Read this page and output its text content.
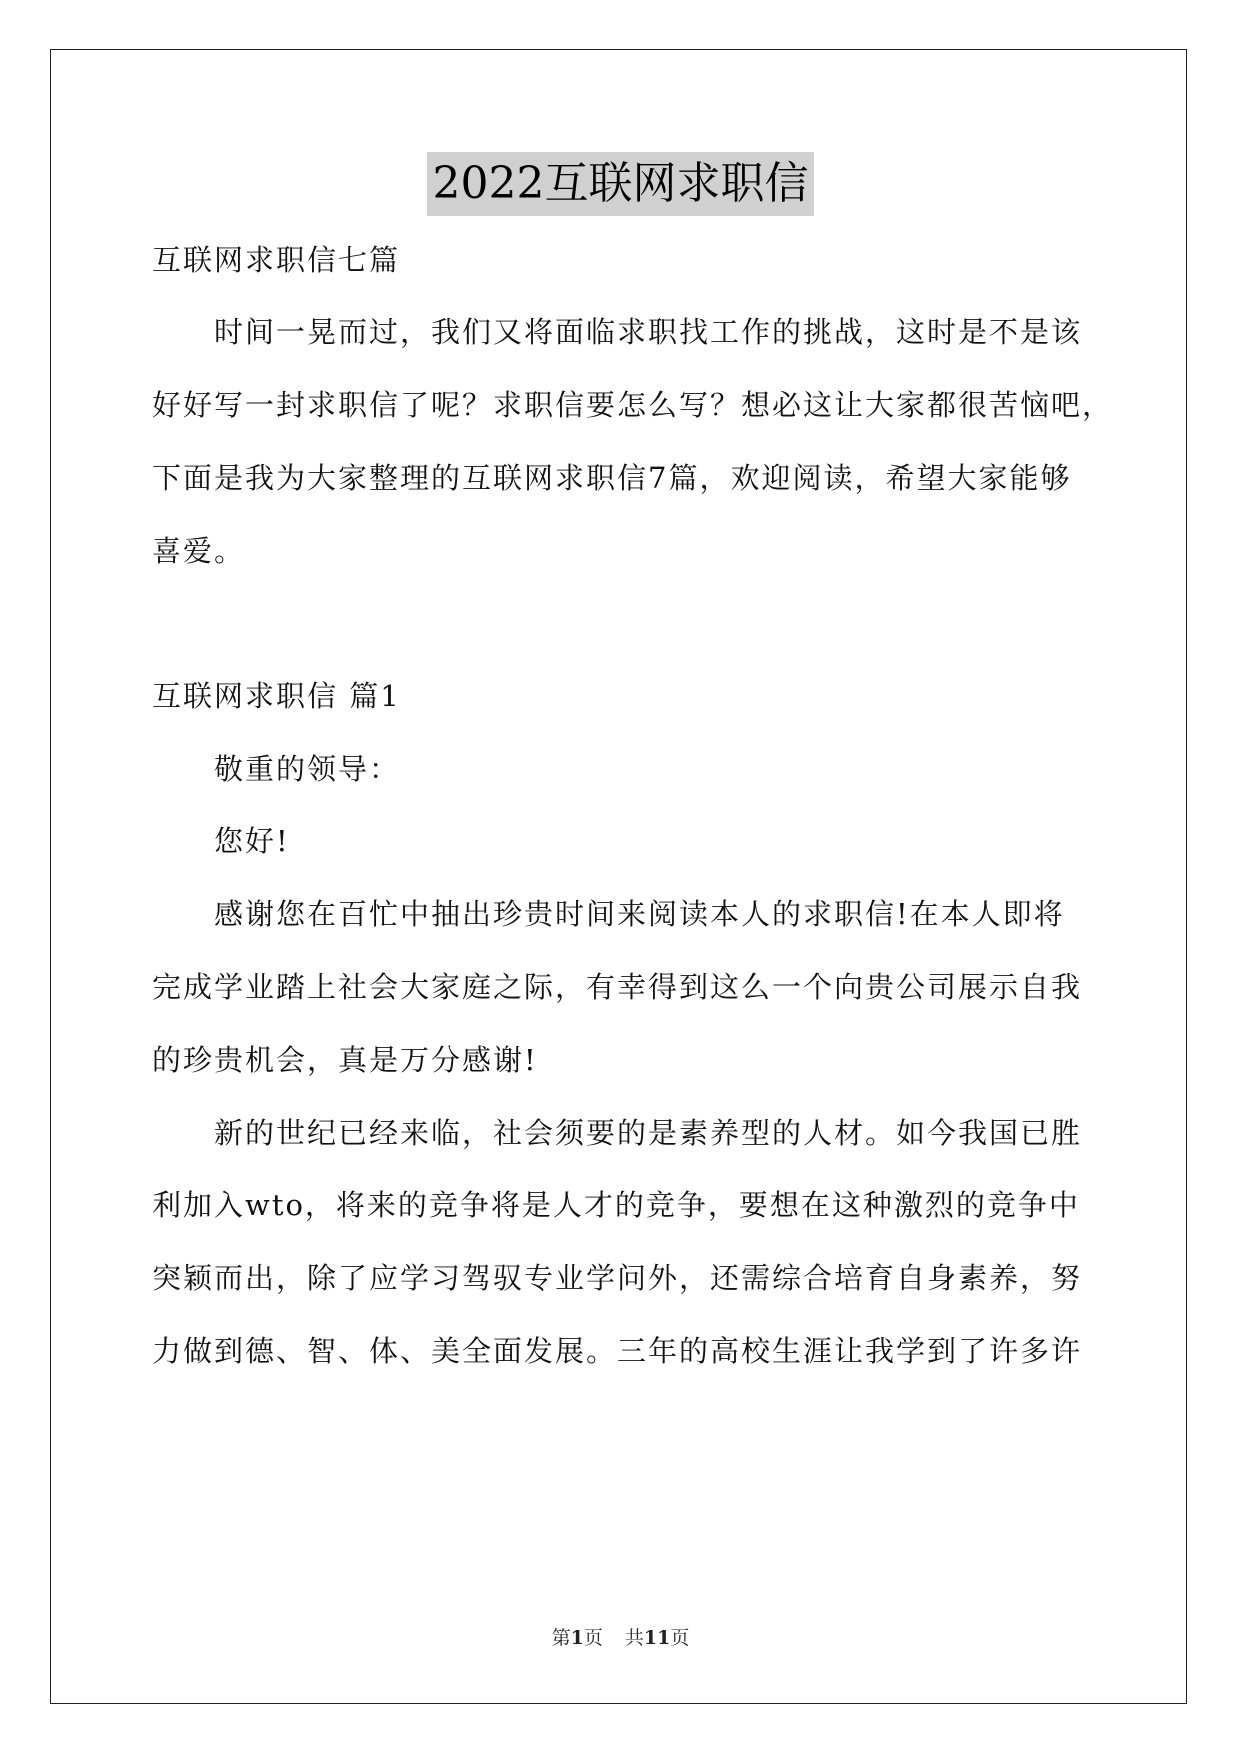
2022互联网求职信
互联网求职信七篇
时间一晃而过，我们又将面临求职找工作的挑战，这时是不是该
好好写一封求职信了呢？求职信要怎么写？想必这让大家都很苦恼吧，
下面是我为大家整理的互联网求职信7篇，欢迎阅读，希望大家能够
喜爱。
互联网求职信 篇1
敬重的领导：
您好!
感谢您在百忙中抽出珍贵时间来阅读本人的求职信!在本人即将
完成学业踏上社会大家庭之际，有幸得到这么一个向贵公司展示自我
的珍贵机会，真是万分感谢!
新的世纪已经来临，社会须要的是素养型的人材。如今我国已胜
利加入wto，将来的竞争将是人才的竞争，要想在这种激烈的竞争中
突颖而出，除了应学习驾驭专业学问外，还需综合培育自身素养，努
力做到德、智、体、美全面发展。三年的高校生涯让我学到了许多许
第1页 共11页
